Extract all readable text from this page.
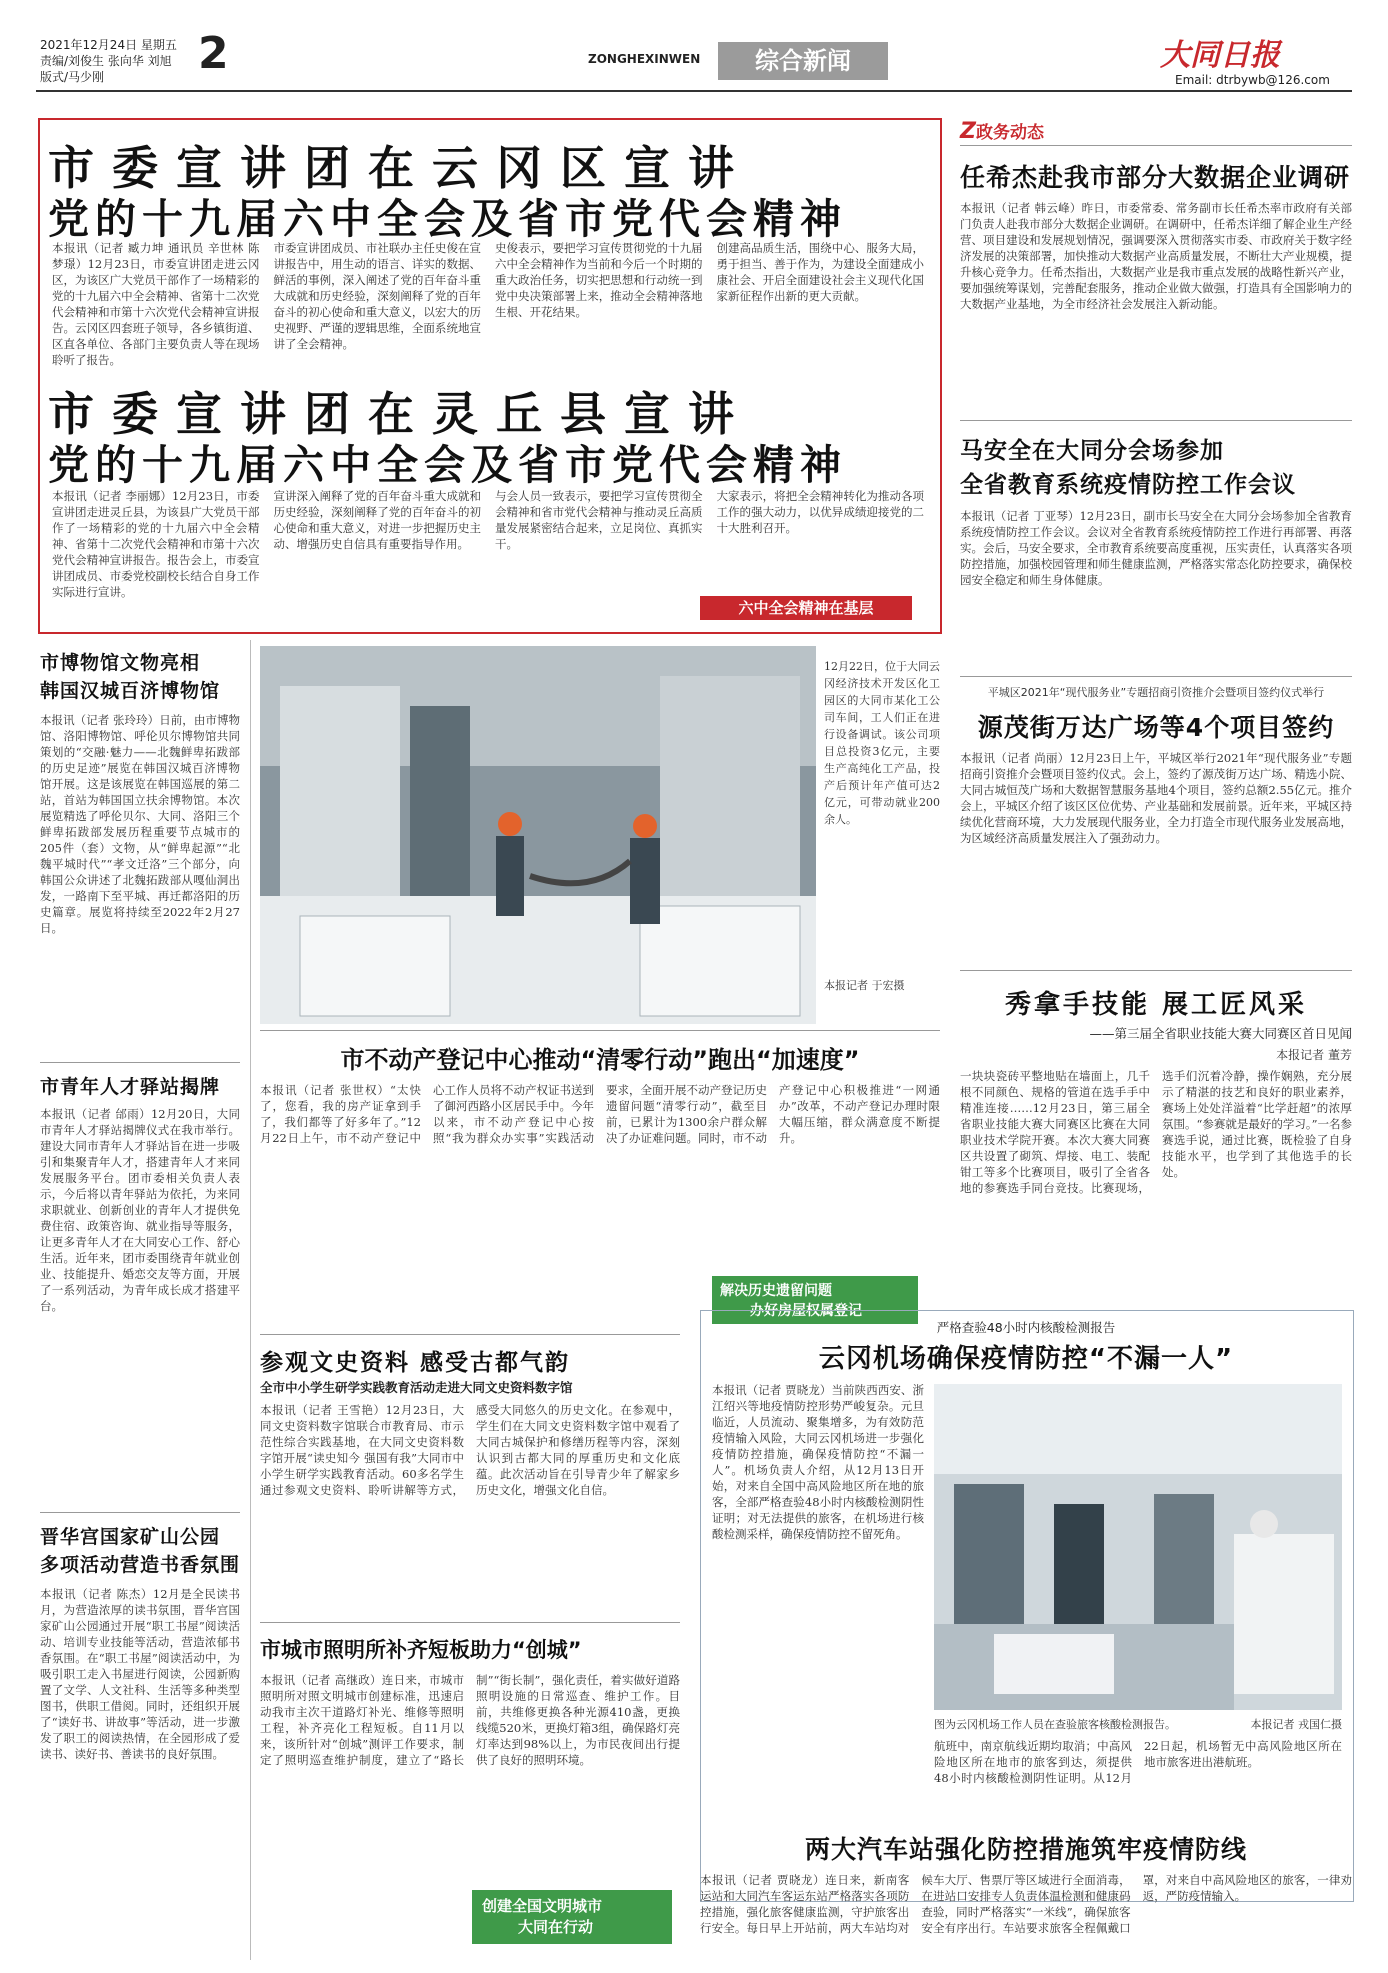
2021年12月24日 星期五
责编/刘俊生 张向华 刘旭
版式/马少刚 2	ZONGHEXINWEN	综合新闻	大同日报
Email: dtrbywb@126.com
市委宣讲团在云冈区宣讲
党的十九届六中全会及省市党代会精神
本报讯（记者 臧力坤 通讯员 辛世林 陈梦璟）12月23日，市委宣讲团走进云冈区，为该区广大党员干部作了一场精彩的党的十九届六中全会精神、省第十二次党代会精神和市第十六次党代会精神宣讲报告。云冈区四套班子领导，各乡镇街道、区直各单位、各部门主要负责人等在现场聆听了报告。
市委宣讲团成员、市社联办主任史俊在宣讲报告中，用生动的语言、详实的数据、鲜活的事例，深入阐述了党的百年奋斗重大成就和历史经验，深刻阐释了党的百年奋斗的初心使命和重大意义，以宏大的历史视野、严谨的逻辑思维，全面系统地宣讲了全会精神。
史俊表示，要把学习宣传贯彻党的十九届六中全会精神作为当前和今后一个时期的重大政治任务，切实把思想和行动统一到党中央决策部署上来，推动全会精神落地生根、开花结果。
创建高品质生活，围绕中心、服务大局，勇于担当、善于作为，为建设全面建成小康社会、开启全面建设社会主义现代化国家新征程作出新的更大贡献。
市委宣讲团在灵丘县宣讲
党的十九届六中全会及省市党代会精神
本报讯（记者 李丽娜）12月23日，市委宣讲团走进灵丘县，为该县广大党员干部作了一场精彩的党的十九届六中全会精神、省第十二次党代会精神和市第十六次党代会精神宣讲报告。报告会上，市委宣讲团成员、市委党校副校长结合自身工作实际进行宣讲。
宣讲深入阐释了党的百年奋斗重大成就和历史经验，深刻阐释了党的百年奋斗的初心使命和重大意义，对进一步把握历史主动、增强历史自信具有重要指导作用。
与会人员一致表示，要把学习宣传贯彻全会精神和省市党代会精神与推动灵丘高质量发展紧密结合起来，立足岗位、真抓实干。
大家表示，将把全会精神转化为推动各项工作的强大动力，以优异成绩迎接党的二十大胜利召开。
六中全会精神在基层
Z政务动态
任希杰赴我市部分大数据企业调研
本报讯（记者 韩云峰）昨日，市委常委、常务副市长任希杰率市政府有关部门负责人赴我市部分大数据企业调研。在调研中，任希杰详细了解企业生产经营、项目建设和发展规划情况，强调要深入贯彻落实市委、市政府关于数字经济发展的决策部署，加快推动大数据产业高质量发展，不断壮大产业规模，提升核心竞争力。任希杰指出，大数据产业是我市重点发展的战略性新兴产业，要加强统筹谋划，完善配套服务，推动企业做大做强，打造具有全国影响力的大数据产业基地，为全市经济社会发展注入新动能。
马安全在大同分会场参加
全省教育系统疫情防控工作会议
本报讯（记者 丁亚琴）12月23日，副市长马安全在大同分会场参加全省教育系统疫情防控工作会议。会议对全省教育系统疫情防控工作进行再部署、再落实。会后，马安全要求，全市教育系统要高度重视，压实责任，认真落实各项防控措施，加强校园管理和师生健康监测，严格落实常态化防控要求，确保校园安全稳定和师生身体健康。
平城区2021年“现代服务业”专题招商引资推介会暨项目签约仪式举行
源茂街万达广场等4个项目签约
本报讯（记者 尚丽）12月23日上午，平城区举行2021年“现代服务业”专题招商引资推介会暨项目签约仪式。会上，签约了源茂街万达广场、精选小院、大同古城恒茂广场和大数据智慧服务基地4个项目，签约总额2.55亿元。推介会上，平城区介绍了该区区位优势、产业基础和发展前景。近年来，平城区持续优化营商环境，大力发展现代服务业，全力打造全市现代服务业发展高地，为区域经济高质量发展注入了强劲动力。
市博物馆文物亮相
韩国汉城百济博物馆
本报讯（记者 张玲玲）日前，由市博物馆、洛阳博物馆、呼伦贝尔博物馆共同策划的“交融·魅力——北魏鲜卑拓跋部的历史足迹”展览在韩国汉城百济博物馆开展。这是该展览在韩国巡展的第二站，首站为韩国国立扶余博物馆。本次展览精选了呼伦贝尔、大同、洛阳三个鲜卑拓跋部发展历程重要节点城市的205件（套）文物，从“鲜卑起源”“北魏平城时代”“孝文迁洛”三个部分，向韩国公众讲述了北魏拓跋部从嘎仙洞出发，一路南下至平城、再迁都洛阳的历史篇章。展览将持续至2022年2月27日。
市青年人才驿站揭牌
本报讯（记者 邰雨）12月20日，大同市青年人才驿站揭牌仪式在我市举行。建设大同市青年人才驿站旨在进一步吸引和集聚青年人才，搭建青年人才来同发展服务平台。团市委相关负责人表示，今后将以青年驿站为依托，为来同求职就业、创新创业的青年人才提供免费住宿、政策咨询、就业指导等服务，让更多青年人才在大同安心工作、舒心生活。近年来，团市委围绕青年就业创业、技能提升、婚恋交友等方面，开展了一系列活动，为青年成长成才搭建平台。
晋华宫国家矿山公园
多项活动营造书香氛围
本报讯（记者 陈杰）12月是全民读书月，为营造浓厚的读书氛围，晋华宫国家矿山公园通过开展“职工书屋”阅读活动、培训专业技能等活动，营造浓郁书香氛围。在“职工书屋”阅读活动中，为吸引职工走入书屋进行阅读，公园新购置了文学、人文社科、生活等多种类型图书，供职工借阅。同时，还组织开展了“读好书、讲故事”等活动，进一步激发了职工的阅读热情，在全园形成了爱读书、读好书、善读书的良好氛围。
12月22日，位于大同云冈经济技术开发区化工园区的大同市某化工公司车间，工人们正在进行设备调试。该公司项目总投资3亿元，主要生产高纯化工产品，投产后预计年产值可达2亿元，可带动就业200余人。
本报记者 于宏摄
市不动产登记中心推动“清零行动”跑出“加速度”
本报讯（记者 张世权）“太快了，您看，我的房产证拿到手了，我们都等了好多年了。”12月22日上午，市不动产登记中心工作人员将不动产权证书送到了御河西路小区居民手中。今年以来，市不动产登记中心按照“我为群众办实事”实践活动要求，全面开展不动产登记历史遗留问题“清零行动”，截至目前，已累计为1300余户群众解决了办证难问题。同时，市不动产登记中心积极推进“一网通办”改革，不动产登记办理时限大幅压缩，群众满意度不断提升。
解决历史遗留问题
办好房屋权属登记
秀拿手技能 展工匠风采
——第三届全省职业技能大赛大同赛区首日见闻
本报记者 董芳
一块块瓷砖平整地贴在墙面上，几千根不同颜色、规格的管道在选手手中精准连接……12月23日，第三届全省职业技能大赛大同赛区比赛在大同职业技术学院开赛。本次大赛大同赛区共设置了砌筑、焊接、电工、装配钳工等多个比赛项目，吸引了全省各地的参赛选手同台竞技。比赛现场，选手们沉着冷静，操作娴熟，充分展示了精湛的技艺和良好的职业素养，赛场上处处洋溢着“比学赶超”的浓厚氛围。“参赛就是最好的学习。”一名参赛选手说，通过比赛，既检验了自身技能水平，也学到了其他选手的长处。
参观文史资料 感受古都气韵
全市中小学生研学实践教育活动走进大同文史资料数字馆
本报讯（记者 王雪艳）12月23日，大同文史资料数字馆联合市教育局、市示范性综合实践基地，在大同文史资料数字馆开展“读史知今 强国有我”大同市中小学生研学实践教育活动。60多名学生通过参观文史资料、聆听讲解等方式，感受大同悠久的历史文化。在参观中，学生们在大同文史资料数字馆中观看了大同古城保护和修缮历程等内容，深刻认识到古都大同的厚重历史和文化底蕴。此次活动旨在引导青少年了解家乡历史文化，增强文化自信。
市城市照明所补齐短板助力“创城”
本报讯（记者 高继政）连日来，市城市照明所对照文明城市创建标准，迅速启动我市主次干道路灯补光、维修等照明工程，补齐亮化工程短板。自11月以来，该所针对“创城”测评工作要求，制定了照明巡查维护制度，建立了“路长制”“街长制”，强化责任，着实做好道路照明设施的日常巡查、维护工作。目前，共维修更换各种光源410盏，更换线缆520米，更换灯箱3组，确保路灯亮灯率达到98%以上，为市民夜间出行提供了良好的照明环境。
创建全国文明城市
大同在行动
严格查验48小时内核酸检测报告
云冈机场确保疫情防控“不漏一人”
本报讯（记者 贾晓龙）当前陕西西安、浙江绍兴等地疫情防控形势严峻复杂。元旦临近，人员流动、聚集增多，为有效防范疫情输入风险，大同云冈机场进一步强化疫情防控措施，确保疫情防控“不漏一人”。机场负责人介绍，从12月13日开始，对来自全国中高风险地区所在地的旅客，全部严格查验48小时内核酸检测阴性证明；对无法提供的旅客，在机场进行核酸检测采样，确保疫情防控不留死角。
图为云冈机场工作人员在查验旅客核酸检测报告。	本报记者 戎国仁摄
航班中，南京航线近期均取消；中高风险地区所在地市的旅客到达，须提供48小时内核酸检测阴性证明。从12月22日起，机场暂无中高风险地区所在地市旅客进出港航班。
两大汽车站强化防控措施筑牢疫情防线
本报讯（记者 贾晓龙）连日来，新南客运站和大同汽车客运东站严格落实各项防控措施，强化旅客健康监测，守护旅客出行安全。每日早上开站前，两大车站均对候车大厅、售票厅等区域进行全面消毒，在进站口安排专人负责体温检测和健康码查验，同时严格落实“一米线”，确保旅客安全有序出行。车站要求旅客全程佩戴口罩，对来自中高风险地区的旅客，一律劝返，严防疫情输入。
